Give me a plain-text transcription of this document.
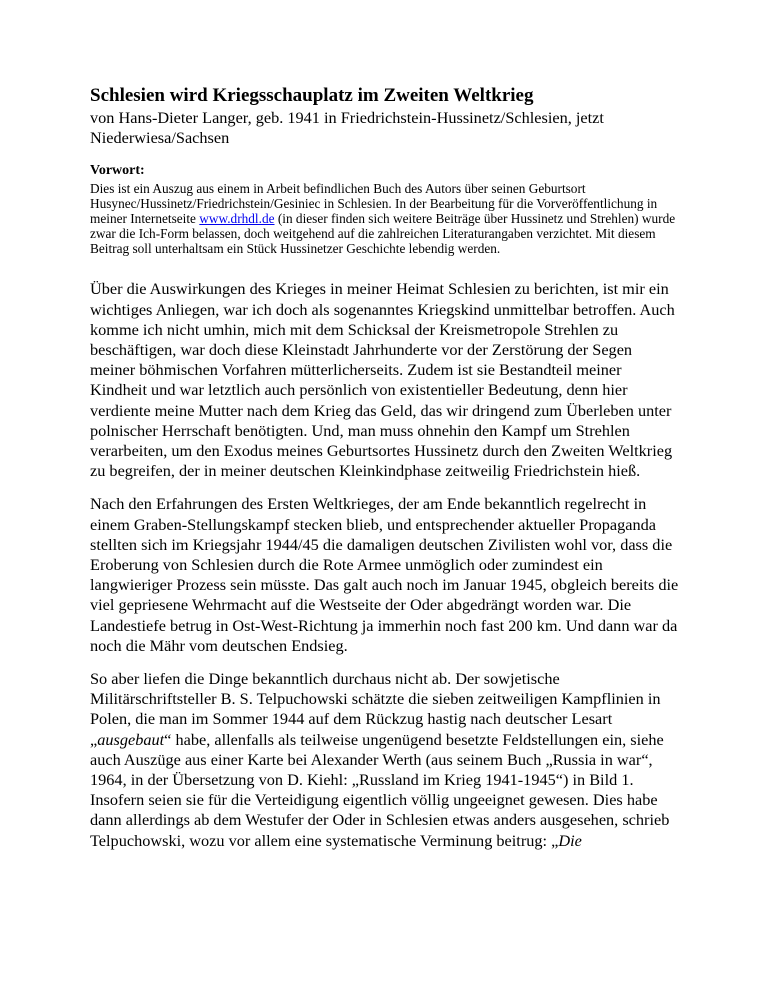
Schlesien wird Kriegsschauplatz im Zweiten Weltkrieg

von Hans-Dieter Langer, geb. 1941 in Friedrichstein-Hussinetz/Schlesien, jetzt Niederwiesa/Sachsen

Vorwort:

Dies ist ein Auszug aus einem in Arbeit befindlichen Buch des Autors über seinen Geburtsort Husynec/Hussinetz/Friedrichstein/Gesiniec in Schlesien. In der Bearbeitung für die Vorveröffentlichung in meiner Internetseite www.drhdl.de (in dieser finden sich weitere Beiträge über Hussinetz und Strehlen) wurde zwar die Ich-Form belassen, doch weitgehend auf die zahlreichen Literaturangaben verzichtet. Mit diesem Beitrag soll unterhaltsam ein Stück Hussinetzer Geschichte lebendig werden.

Über die Auswirkungen des Krieges in meiner Heimat Schlesien zu berichten, ist mir ein wichtiges Anliegen, war ich doch als sogenanntes Kriegskind unmittelbar betroffen. Auch komme ich nicht umhin, mich mit dem Schicksal der Kreismetropole Strehlen zu beschäftigen, war doch diese Kleinstadt Jahrhunderte vor der Zerstörung der Segen meiner böhmischen Vorfahren mütterlicherseits. Zudem ist sie Bestandteil meiner Kindheit und war letztlich auch persönlich von existentieller Bedeutung, denn hier verdiente meine Mutter nach dem Krieg das Geld, das wir dringend zum Überleben unter polnischer Herrschaft benötigten. Und, man muss ohnehin den Kampf um Strehlen verarbeiten, um den Exodus meines Geburtsortes Hussinetz durch den Zweiten Weltkrieg zu begreifen, der in meiner deutschen Kleinkindphase zeitweilig Friedrichstein hieß.

Nach den Erfahrungen des Ersten Weltkrieges, der am Ende bekanntlich regelrecht in einem Graben-Stellungskampf stecken blieb, und entsprechender aktueller Propaganda stellten sich im Kriegsjahr 1944/45 die damaligen deutschen Zivilisten wohl vor, dass die Eroberung von Schlesien durch die Rote Armee unmöglich oder zumindest ein langwieriger Prozess sein müsste. Das galt auch noch im Januar 1945, obgleich bereits die viel gepriesene Wehrmacht auf die Westseite der Oder abgedrängt worden war. Die Landestiefe betrug in Ost-West-Richtung ja immerhin noch fast 200 km. Und dann war da noch die Mähr vom deutschen Endsieg.

So aber liefen die Dinge bekanntlich durchaus nicht ab. Der sowjetische Militärschriftsteller B. S. Telpuchowski schätzte die sieben zeitweiligen Kampflinien in Polen, die man im Sommer 1944 auf dem Rückzug hastig nach deutscher Lesart „ausgebaut“ habe, allenfalls als teilweise ungenügend besetzte Feldstellungen ein, siehe auch Auszüge aus einer Karte bei Alexander Werth (aus seinem Buch „Russia in war“, 1964, in der Übersetzung von D. Kiehl: „Russland im Krieg 1941-1945“) in Bild 1. Insofern seien sie für die Verteidigung eigentlich völlig ungeeignet gewesen. Dies habe dann allerdings ab dem Westufer der Oder in Schlesien etwas anders ausgesehen, schrieb Telpuchowski, wozu vor allem eine systematische Verminung beitrug: „Die
